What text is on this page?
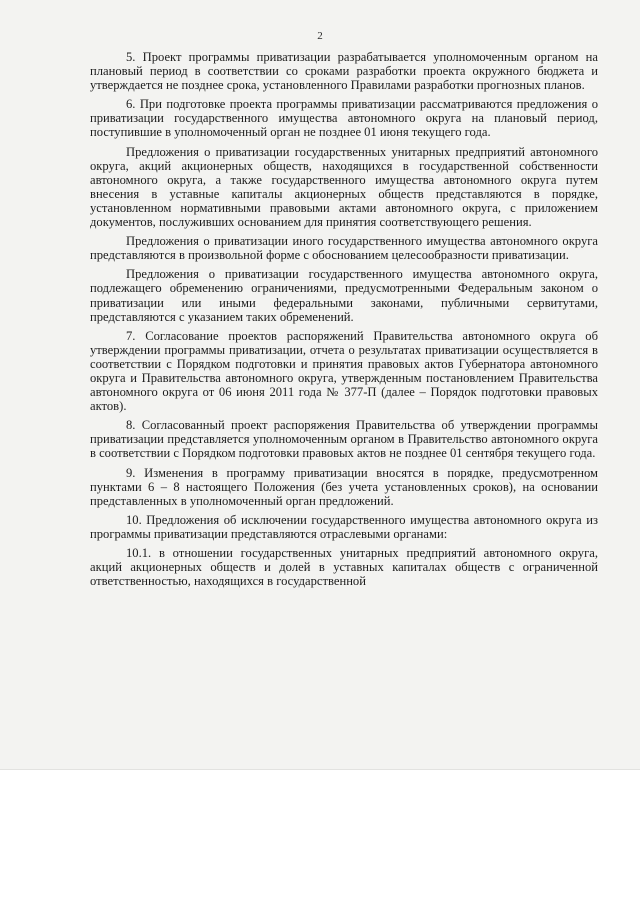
2

5. Проект программы приватизации разрабатывается уполномоченным органом на плановый период в соответствии со сроками разработки проекта окружного бюджета и утверждается не позднее срока, установленного Правилами разработки прогнозных планов.

6. При подготовке проекта программы приватизации рассматриваются предложения о приватизации государственного имущества автономного округа на плановый период, поступившие в уполномоченный орган не позднее 01 июня текущего года.

Предложения о приватизации государственных унитарных предприятий автономного округа, акций акционерных обществ, находящихся в государственной собственности автономного округа, а также государственного имущества автономного округа путем внесения в уставные капиталы акционерных обществ представляются в порядке, установленном нормативными правовыми актами автономного округа, с приложением документов, послуживших основанием для принятия соответствующего решения.

Предложения о приватизации иного государственного имущества автономного округа представляются в произвольной форме с обоснованием целесообразности приватизации.

Предложения о приватизации государственного имущества автономного округа, подлежащего обременению ограничениями, предусмотренными Федеральным законом о приватизации или иными федеральными законами, публичными сервитутами, представляются с указанием таких обременений.

7. Согласование проектов распоряжений Правительства автономного округа об утверждении программы приватизации, отчета о результатах приватизации осуществляется в соответствии с Порядком подготовки и принятия правовых актов Губернатора автономного округа и Правительства автономного округа, утвержденным постановлением Правительства автономного округа от 06 июня 2011 года № 377-П (далее – Порядок подготовки правовых актов).

8. Согласованный проект распоряжения Правительства об утверждении программы приватизации представляется уполномоченным органом в Правительство автономного округа в соответствии с Порядком подготовки правовых актов не позднее 01 сентября текущего года.

9. Изменения в программу приватизации вносятся в порядке, предусмотренном пунктами 6 – 8 настоящего Положения (без учета установленных сроков), на основании представленных в уполномоченный орган предложений.

10. Предложения об исключении государственного имущества автономного округа из программы приватизации представляются отраслевыми органами:

10.1. в отношении государственных унитарных предприятий автономного округа, акций акционерных обществ и долей в уставных капиталах обществ с ограниченной ответственностью, находящихся в государственной
